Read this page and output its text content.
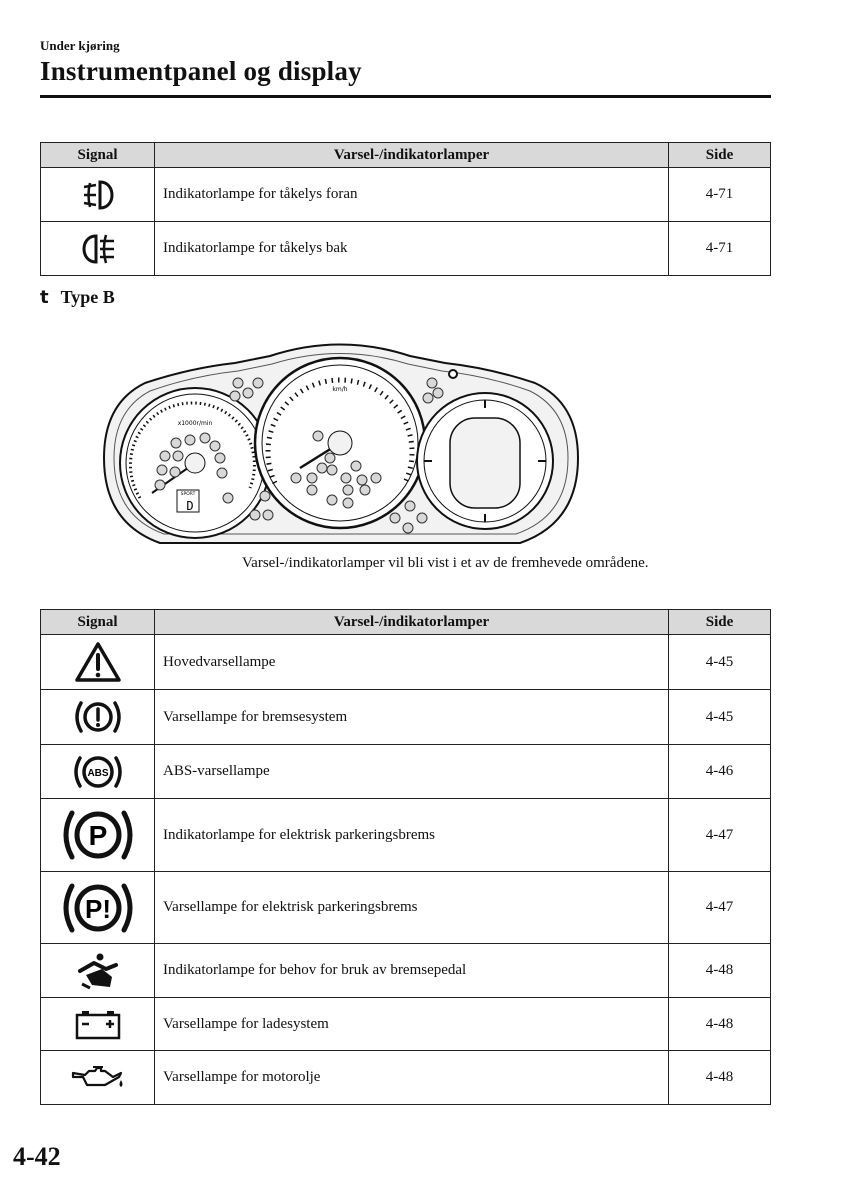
Under kjøring
Instrumentpanel og display
Signal	Varsel-/indikatorlamper	Side

	Indikatorlampe for tåkelys foran	4-71

	Indikatorlampe for tåkelys bak	4-71
t Type B
x1000r/min
SPORT
D
km/h
Varsel-/indikatorlamper vil bli vist i et av de fremhevede områdene.
Signal	Varsel-/indikatorlamper	Side

	Hovedvarsellampe	4-45

	Varsellampe for bremsesystem	4-45

ABS	ABS-varsellampe	4-46

P	Indikatorlampe for elektrisk parkeringsbrems	4-47

P!	Varsellampe for elektrisk parkeringsbrems	4-47

	Indikatorlampe for behov for bruk av bremsepedal	4-48

	Varsellampe for ladesystem	4-48

	Varsellampe for motorolje	4-48
4-42
